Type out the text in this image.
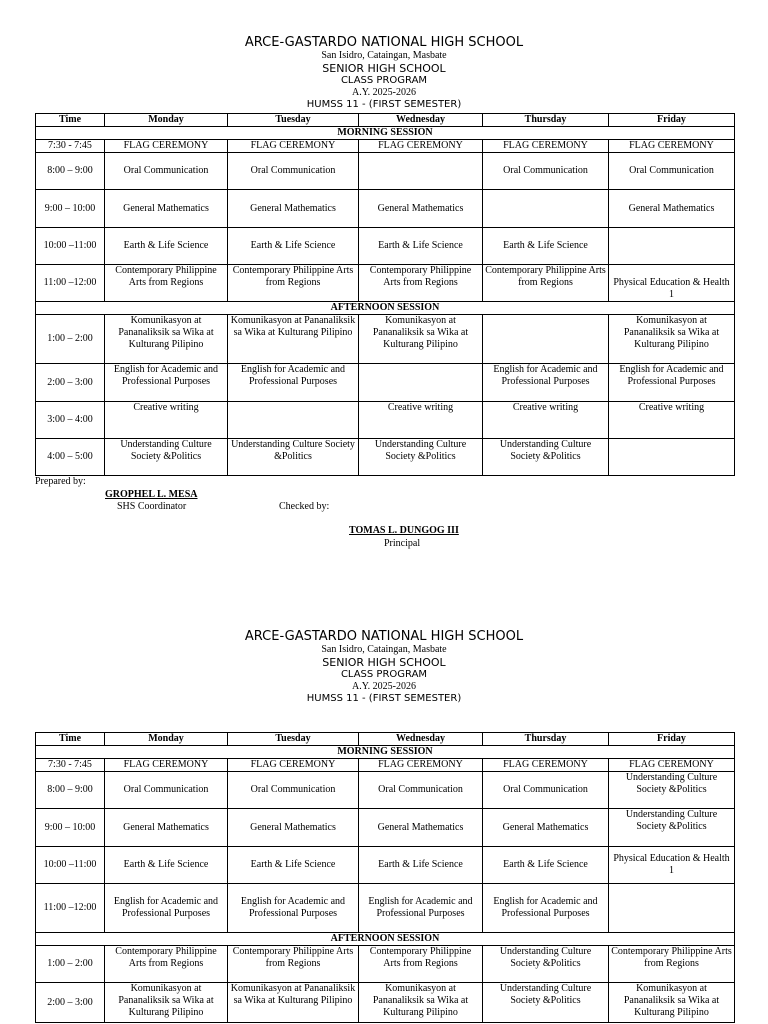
ARCE-GASTARDO NATIONAL HIGH SCHOOL
San Isidro, Cataingan, Masbate
SENIOR HIGH SCHOOL
CLASS PROGRAM
A.Y. 2025-2026
HUMSS 11 - (FIRST SEMESTER)
Time	Monday	Tuesday	Wednesday	Thursday	Friday
MORNING SESSION					
7:30 - 7:45	FLAG CEREMONY	FLAG CEREMONY	FLAG CEREMONY	FLAG CEREMONY	FLAG CEREMONY
8:00 – 9:00	Oral Communication	Oral Communication		Oral Communication	Oral Communication
9:00 – 10:00	General Mathematics	General Mathematics	General Mathematics		General Mathematics
10:00 –11:00	Earth & Life Science	Earth & Life Science	Earth & Life Science	Earth & Life Science	
11:00 –12:00	Contemporary Philippine Arts from Regions	Contemporary Philippine Arts from Regions	Contemporary Philippine Arts from Regions	Contemporary Philippine Arts from Regions	Physical Education & Health 1
AFTERNOON SESSION					
1:00 – 2:00	Komunikasyon at Pananaliksik sa Wika at Kulturang Pilipino	Komunikasyon at Pananaliksik sa Wika at Kulturang Pilipino	Komunikasyon at Pananaliksik sa Wika at Kulturang Pilipino		Komunikasyon at Pananaliksik sa Wika at Kulturang Pilipino
2:00 – 3:00	English for Academic and Professional Purposes	English for Academic and Professional Purposes		English for Academic and Professional Purposes	English for Academic and Professional Purposes
3:00 – 4:00	Creative writing		Creative writing	Creative writing	Creative writing
4:00 – 5:00	Understanding Culture Society &Politics	Understanding Culture Society &Politics	Understanding Culture Society &Politics	Understanding Culture Society &Politics	
Prepared by:
GROPHEL L. MESA
SHS Coordinator	Checked by:
TOMAS L. DUNGOG III
Principal
ARCE-GASTARDO NATIONAL HIGH SCHOOL
San Isidro, Cataingan, Masbate
SENIOR HIGH SCHOOL
CLASS PROGRAM
A.Y. 2025-2026
HUMSS 11 - (FIRST SEMESTER)
Time	Monday	Tuesday	Wednesday	Thursday	Friday
MORNING SESSION					
7:30 - 7:45	FLAG CEREMONY	FLAG CEREMONY	FLAG CEREMONY	FLAG CEREMONY	FLAG CEREMONY
8:00 – 9:00	Oral Communication	Oral Communication	Oral Communication	Oral Communication	Understanding Culture Society &Politics
9:00 – 10:00	General Mathematics	General Mathematics	General Mathematics	General Mathematics	Understanding Culture Society &Politics
10:00 –11:00	Earth & Life Science	Earth & Life Science	Earth & Life Science	Earth & Life Science	Physical Education & Health 1
11:00 –12:00	English for Academic and Professional Purposes	English for Academic and Professional Purposes	English for Academic and Professional Purposes	English for Academic and Professional Purposes	
AFTERNOON SESSION					
1:00 – 2:00	Contemporary Philippine Arts from Regions	Contemporary Philippine Arts from Regions	Contemporary Philippine Arts from Regions	Understanding Culture Society &Politics	Contemporary Philippine Arts from Regions
2:00 – 3:00	Komunikasyon at Pananaliksik sa Wika at Kulturang Pilipino	Komunikasyon at Pananaliksik sa Wika at Kulturang Pilipino	Komunikasyon at Pananaliksik sa Wika at Kulturang Pilipino	Understanding Culture Society &Politics	Komunikasyon at Pananaliksik sa Wika at Kulturang Pilipino
